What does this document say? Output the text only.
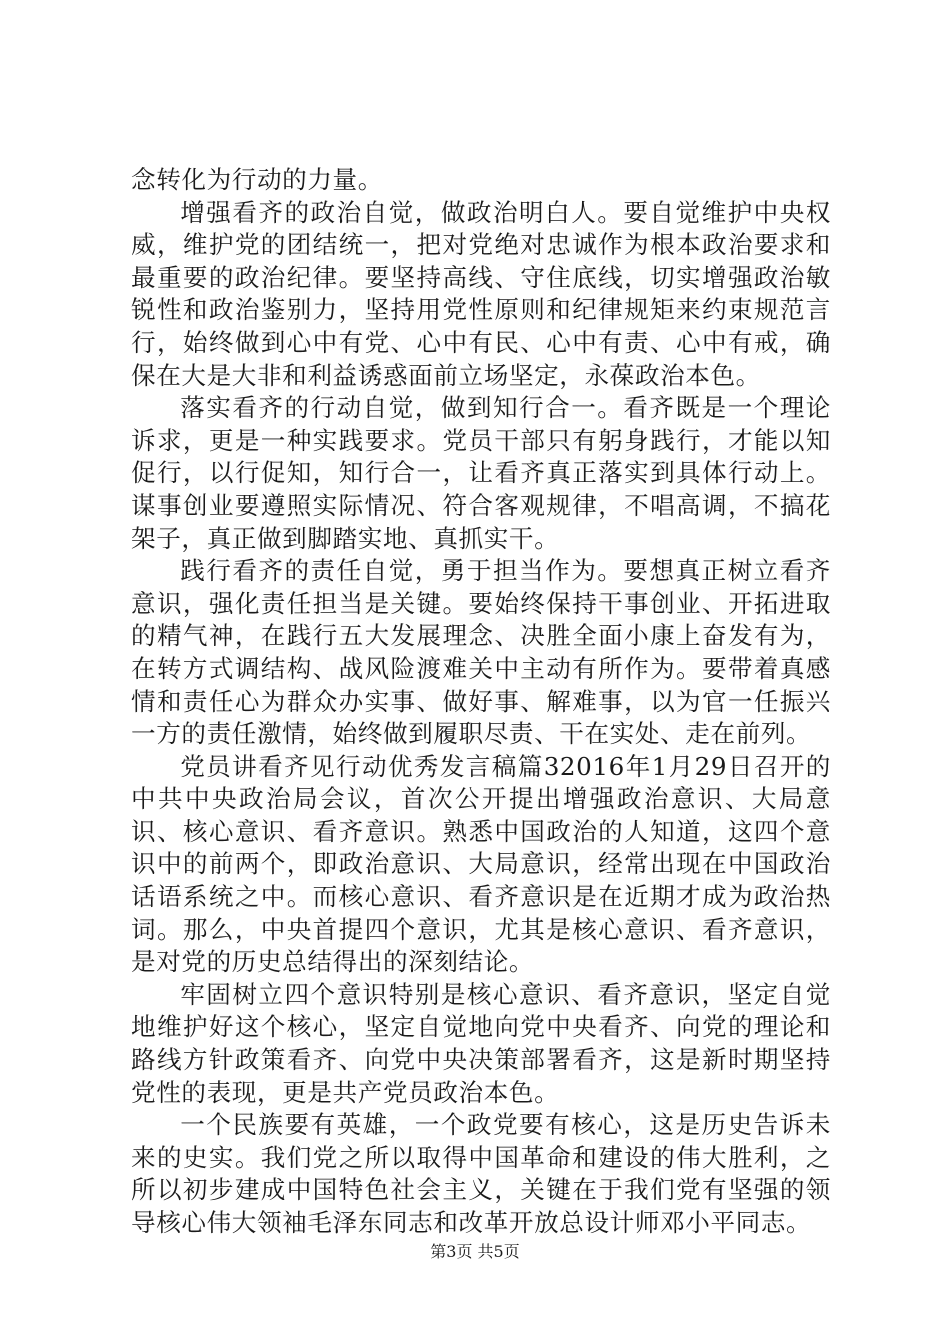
念转化为行动的力量。

增强看齐的政治自觉，做政治明白人。要自觉维护中央权威，维护党的团结统一，把对党绝对忠诚作为根本政治要求和最重要的政治纪律。要坚持高线、守住底线，切实增强政治敏锐性和政治鉴别力，坚持用党性原则和纪律规矩来约束规范言行，始终做到心中有党、心中有民、心中有责、心中有戒，确保在大是大非和利益诱惑面前立场坚定，永葆政治本色。

落实看齐的行动自觉，做到知行合一。看齐既是一个理论诉求，更是一种实践要求。党员干部只有躬身践行，才能以知促行，以行促知，知行合一，让看齐真正落实到具体行动上。谋事创业要遵照实际情况、符合客观规律，不唱高调，不搞花架子，真正做到脚踏实地、真抓实干。

践行看齐的责任自觉，勇于担当作为。要想真正树立看齐意识，强化责任担当是关键。要始终保持干事创业、开拓进取的精气神，在践行五大发展理念、决胜全面小康上奋发有为，在转方式调结构、战风险渡难关中主动有所作为。要带着真感情和责任心为群众办实事、做好事、解难事，以为官一任振兴一方的责任激情，始终做到履职尽责、干在实处、走在前列。

党员讲看齐见行动优秀发言稿篇32016年1月29日召开的中共中央政治局会议，首次公开提出增强政治意识、大局意识、核心意识、看齐意识。熟悉中国政治的人知道，这四个意识中的前两个，即政治意识、大局意识，经常出现在中国政治话语系统之中。而核心意识、看齐意识是在近期才成为政治热词。那么，中央首提四个意识，尤其是核心意识、看齐意识，是对党的历史总结得出的深刻结论。

牢固树立四个意识特别是核心意识、看齐意识，坚定自觉地维护好这个核心，坚定自觉地向党中央看齐、向党的理论和路线方针政策看齐、向党中央决策部署看齐，这是新时期坚持党性的表现，更是共产党员政治本色。

一个民族要有英雄，一个政党要有核心，这是历史告诉未来的史实。我们党之所以取得中国革命和建设的伟大胜利，之所以初步建成中国特色社会主义，关键在于我们党有坚强的领导核心伟大领袖毛泽东同志和改革开放总设计师邓小平同志。

第3页 共5页
